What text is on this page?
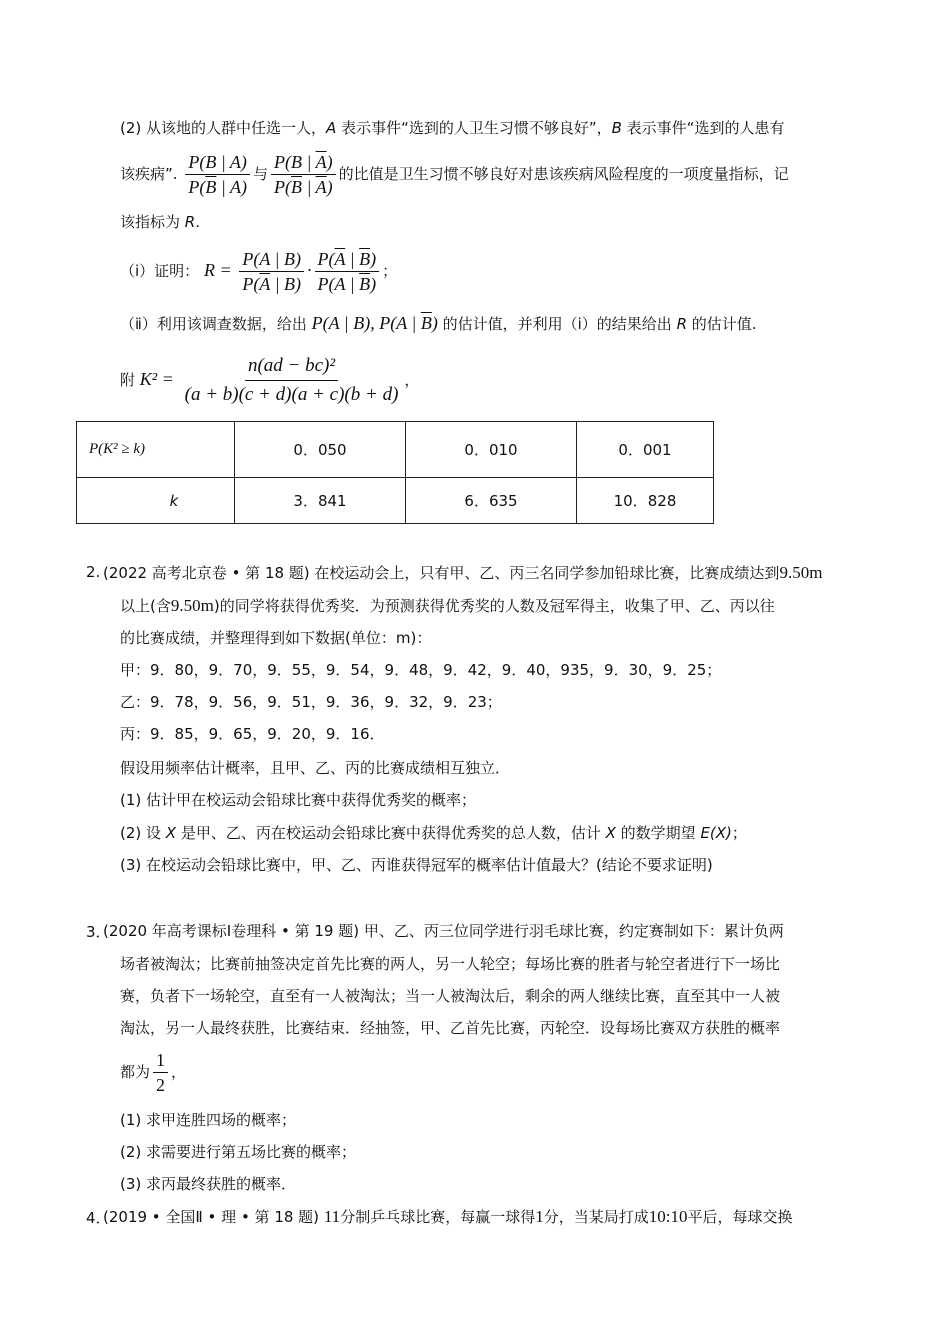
(2) 从该地的人群中任选一人，A 表示事件“选到的人卫生习惯不够良好”，B 表示事件“选到的人患有
该疾病”. $\frac{P(B | A)}{P(\overline{B} | A)}$ 与 $\frac{P(B | \overline{A})}{P(\overline{B} | \overline{A})}$ 的比值是卫生习惯不够良好对患该疾病风险程度的一项度量指标，记
该指标为 R.
（ⅰ）证明： $R = \frac{P(A | B)}{P(\overline{A} | B)} \cdot \frac{P(\overline{A} | \overline{B})}{P(A | \overline{B})}$ ；
（ⅱ）利用该调查数据，给出 P(A | B), P(A | $\overline{B}$) 的估计值，并利用（ⅰ）的结果给出 R 的估计值.
附 $K^2 = \frac{\text{n(ad − bc)²}}{(a + b)(c + d)(a + c)(b + d)}$ ，
P(K² ≥ k)	0．050	0．010	0．001
k	3．841	6．635	10．828
2. (2022 高考北京卷 • 第 18 题) 在校运动会上，只有甲、乙、丙三名同学参加铅球比赛，比赛成绩达到9.50m
以上(含9.50m)的同学将获得优秀奖．为预测获得优秀奖的人数及冠军得主，收集了甲、乙、丙以往
的比赛成绩，并整理得到如下数据(单位：m)：
甲：9．80，9．70，9．55，9．54，9．48，9．42，9．40，935，9．30，9．25；
乙：9．78，9．56，9．51，9．36，9．32，9．23；
丙：9．85，9．65，9．20，9．16．
假设用频率估计概率，且甲、乙、丙的比赛成绩相互独立．
(1) 估计甲在校运动会铅球比赛中获得优秀奖的概率；
(2) 设 X 是甲、乙、丙在校运动会铅球比赛中获得优秀奖的总人数，估计 X 的数学期望 E(X)；
(3) 在校运动会铅球比赛中，甲、乙、丙谁获得冠军的概率估计值最大？(结论不要求证明)
3．
(2020 年高考课标Ⅰ卷理科 • 第 19 题) 甲、乙、丙三位同学进行羽毛球比赛，约定赛制如下：累计负两
场者被淘汰；比赛前抽签决定首先比赛的两人，另一人轮空；每场比赛的胜者与轮空者进行下一场比
赛，负者下一场轮空，直至有一人被淘汰；当一人被淘汰后，剩余的两人继续比赛，直至其中一人被
淘汰，另一人最终获胜，比赛结束．经抽签，甲、乙首先比赛，丙轮空．设每场比赛双方获胜的概率
都为 $\frac{1}{2}$ ，
(1) 求甲连胜四场的概率；
(2) 求需要进行第五场比赛的概率；
(3) 求丙最终获胜的概率．
4．
(2019 • 全国Ⅱ • 理 • 第 18 题) 11分制乒乓球比赛，每赢一球得1分，当某局打成10:10平后，每球交换
